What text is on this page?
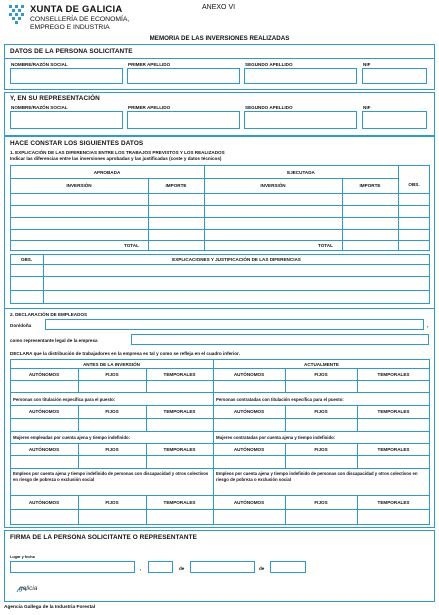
XUNTA DE GALICIA
CONSELLERÍA DE ECONOMÍA,
EMPREGO E INDUSTRIA
ANEXO VI
MEMORIA DE LAS INVERSIONES REALIZADAS
DATOS DE LA PERSONA SOLICITANTE
NOMBRE/RAZÓN SOCIAL	PRIMER APELLIDO	SEGUNDO APELLIDO	NIF
Y, EN SU REPRESENTACIÓN
NOMBRE/RAZÓN SOCIAL	PRIMER APELLIDO	SEGUNDO APELLIDO	NIF
HACE CONSTAR LOS SIGUIENTES DATOS
1. EXPLICACIÓN DE LAS DIFERENCIAS ENTRE LOS TRABAJOS PREVISTOS Y LOS REALIZADOS
Indicar las diferencias entre las inversiones aprobadas y las justificadas (coste y datos técnicos)
APROBADA	EJECUTADA
OBS.
INVERSIÓN	IMPORTE	INVERSIÓN	IMPORTE
TOTAL	TOTAL
OBS.	EXPLICACIONES Y JUSTIFICACIÓN DE LAS DIFERENCIAS
2. DECLARACIÓN DE EMPLEADOS
Don/doña	,
como representante legal de la empresa
DECLARA que la distribución de trabajadores en la empresa es tal y como se refleja en el cuadro inferior.
ANTES DE LA INVERSIÓN	ACTUALMENTE
AUTÓNOMOS	FIJOS	TEMPORALES	AUTÓNOMOS	FIJOS	TEMPORALES
Personas con titulación específica para el puesto:	Personas contratadas con titulación específica para el puesto:
AUTÓNOMOS	FIJOS	TEMPORALES	AUTÓNOMOS	FIJOS	TEMPORALES
Mujeres empleadas por cuenta ajena y tiempo indefinido:	Mujeres contratadas por cuenta ajena y tiempo indefinido:
AUTÓNOMOS	FIJOS	TEMPORALES	AUTÓNOMOS	FIJOS	TEMPORALES
Empleos por cuenta ajena y tiempo indefinido de personas con discapacidad y otros colectivos en riesgo de pobreza o exclusión social
Empleos por cuenta ajena y tiempo indefinido de personas con discapacidad y otros colectivos en riesgo de pobreza o exclusión social
AUTÓNOMOS	FIJOS	TEMPORALES	AUTÓNOMOS	FIJOS	TEMPORALES
FIRMA DE LA PERSONA SOLICITANTE O REPRESENTANTE
Lugar y fecha
,	de	de
galicia
Agencia Gallega de la Industria Forestal
